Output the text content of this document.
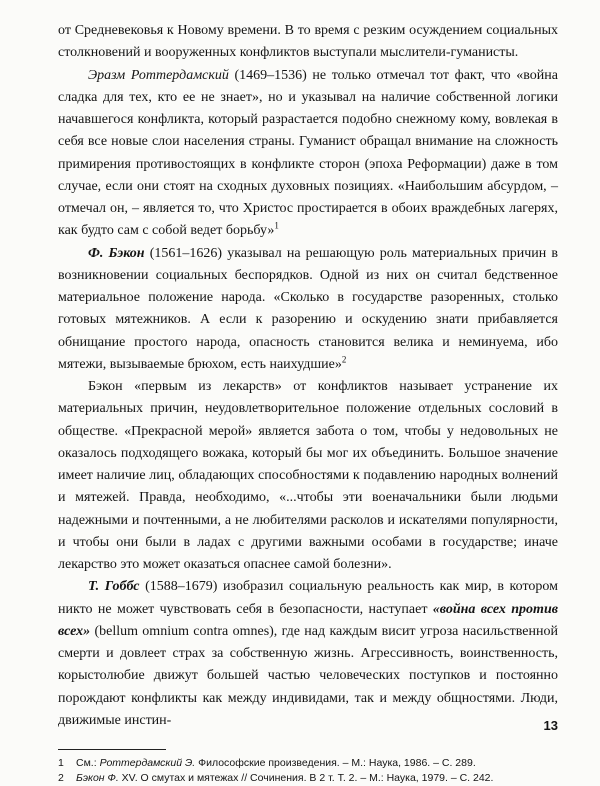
от Средневековья к Новому времени. В то время с резким осуждением социальных столкновений и вооруженных конфликтов выступали мыслители-гуманисты.

Эразм Роттердамский (1469–1536) не только отмечал тот факт, что «война сладка для тех, кто ее не знает», но и указывал на наличие собственной логики начавшегося конфликта, который разрастается подобно снежному кому, вовлекая в себя все новые слои населения страны. Гуманист обращал внимание на сложность примирения противостоящих в конфликте сторон (эпоха Реформации) даже в том случае, если они стоят на сходных духовных позициях. «Наибольшим абсурдом, – отмечал он, – является то, что Христос простирается в обоих враждебных лагерях, как будто сам с собой ведет борьбу»$^1$

Ф. Бэкон (1561–1626) указывал на решающую роль материальных причин в возникновении социальных беспорядков. Одной из них он считал бедственное материальное положение народа. «Сколько в государстве разоренных, столько готовых мятежников. А если к разорению и оскудению знати прибавляется обнищание простого народа, опасность становится велика и неминуема, ибо мятежи, вызываемые брюхом, есть наихудшие»$^2$

Бэкон «первым из лекарств» от конфликтов называет устранение их материальных причин, неудовлетворительное положение отдельных сословий в обществе. «Прекрасной мерой» является забота о том, чтобы у недовольных не оказалось подходящего вожака, который бы мог их объединить. Большое значение имеет наличие лиц, обладающих способностями к подавлению народных волнений и мятежей. Правда, необходимо, «...чтобы эти военачальники были людьми надежными и почтенными, а не любителями расколов и искателями популярности, и чтобы они были в ладах с другими важными особами в государстве; иначе лекарство это может оказаться опаснее самой болезни».

Т. Гоббс (1588–1679) изобразил социальную реальность как мир, в котором никто не может чувствовать себя в безопасности, наступает «война всех против всех» (bellum omnium contra omnes), где над каждым висит угроза насильственной смерти и довлеет страх за собственную жизнь. Агрессивность, воинственность, корыстолюбие движут большей частью человеческих поступков и постоянно порождают конфликты как между индивидами, так и между общностями. Люди, движимые инстин-

1 См.: Роттердамский Э. Философские произведения. – М.: Наука, 1986. – С. 289.

2 Бэкон Ф. XV. О смутах и мятежах // Сочинения. В 2 т. Т. 2. – М.: Наука, 1979. – С. 242.

13
